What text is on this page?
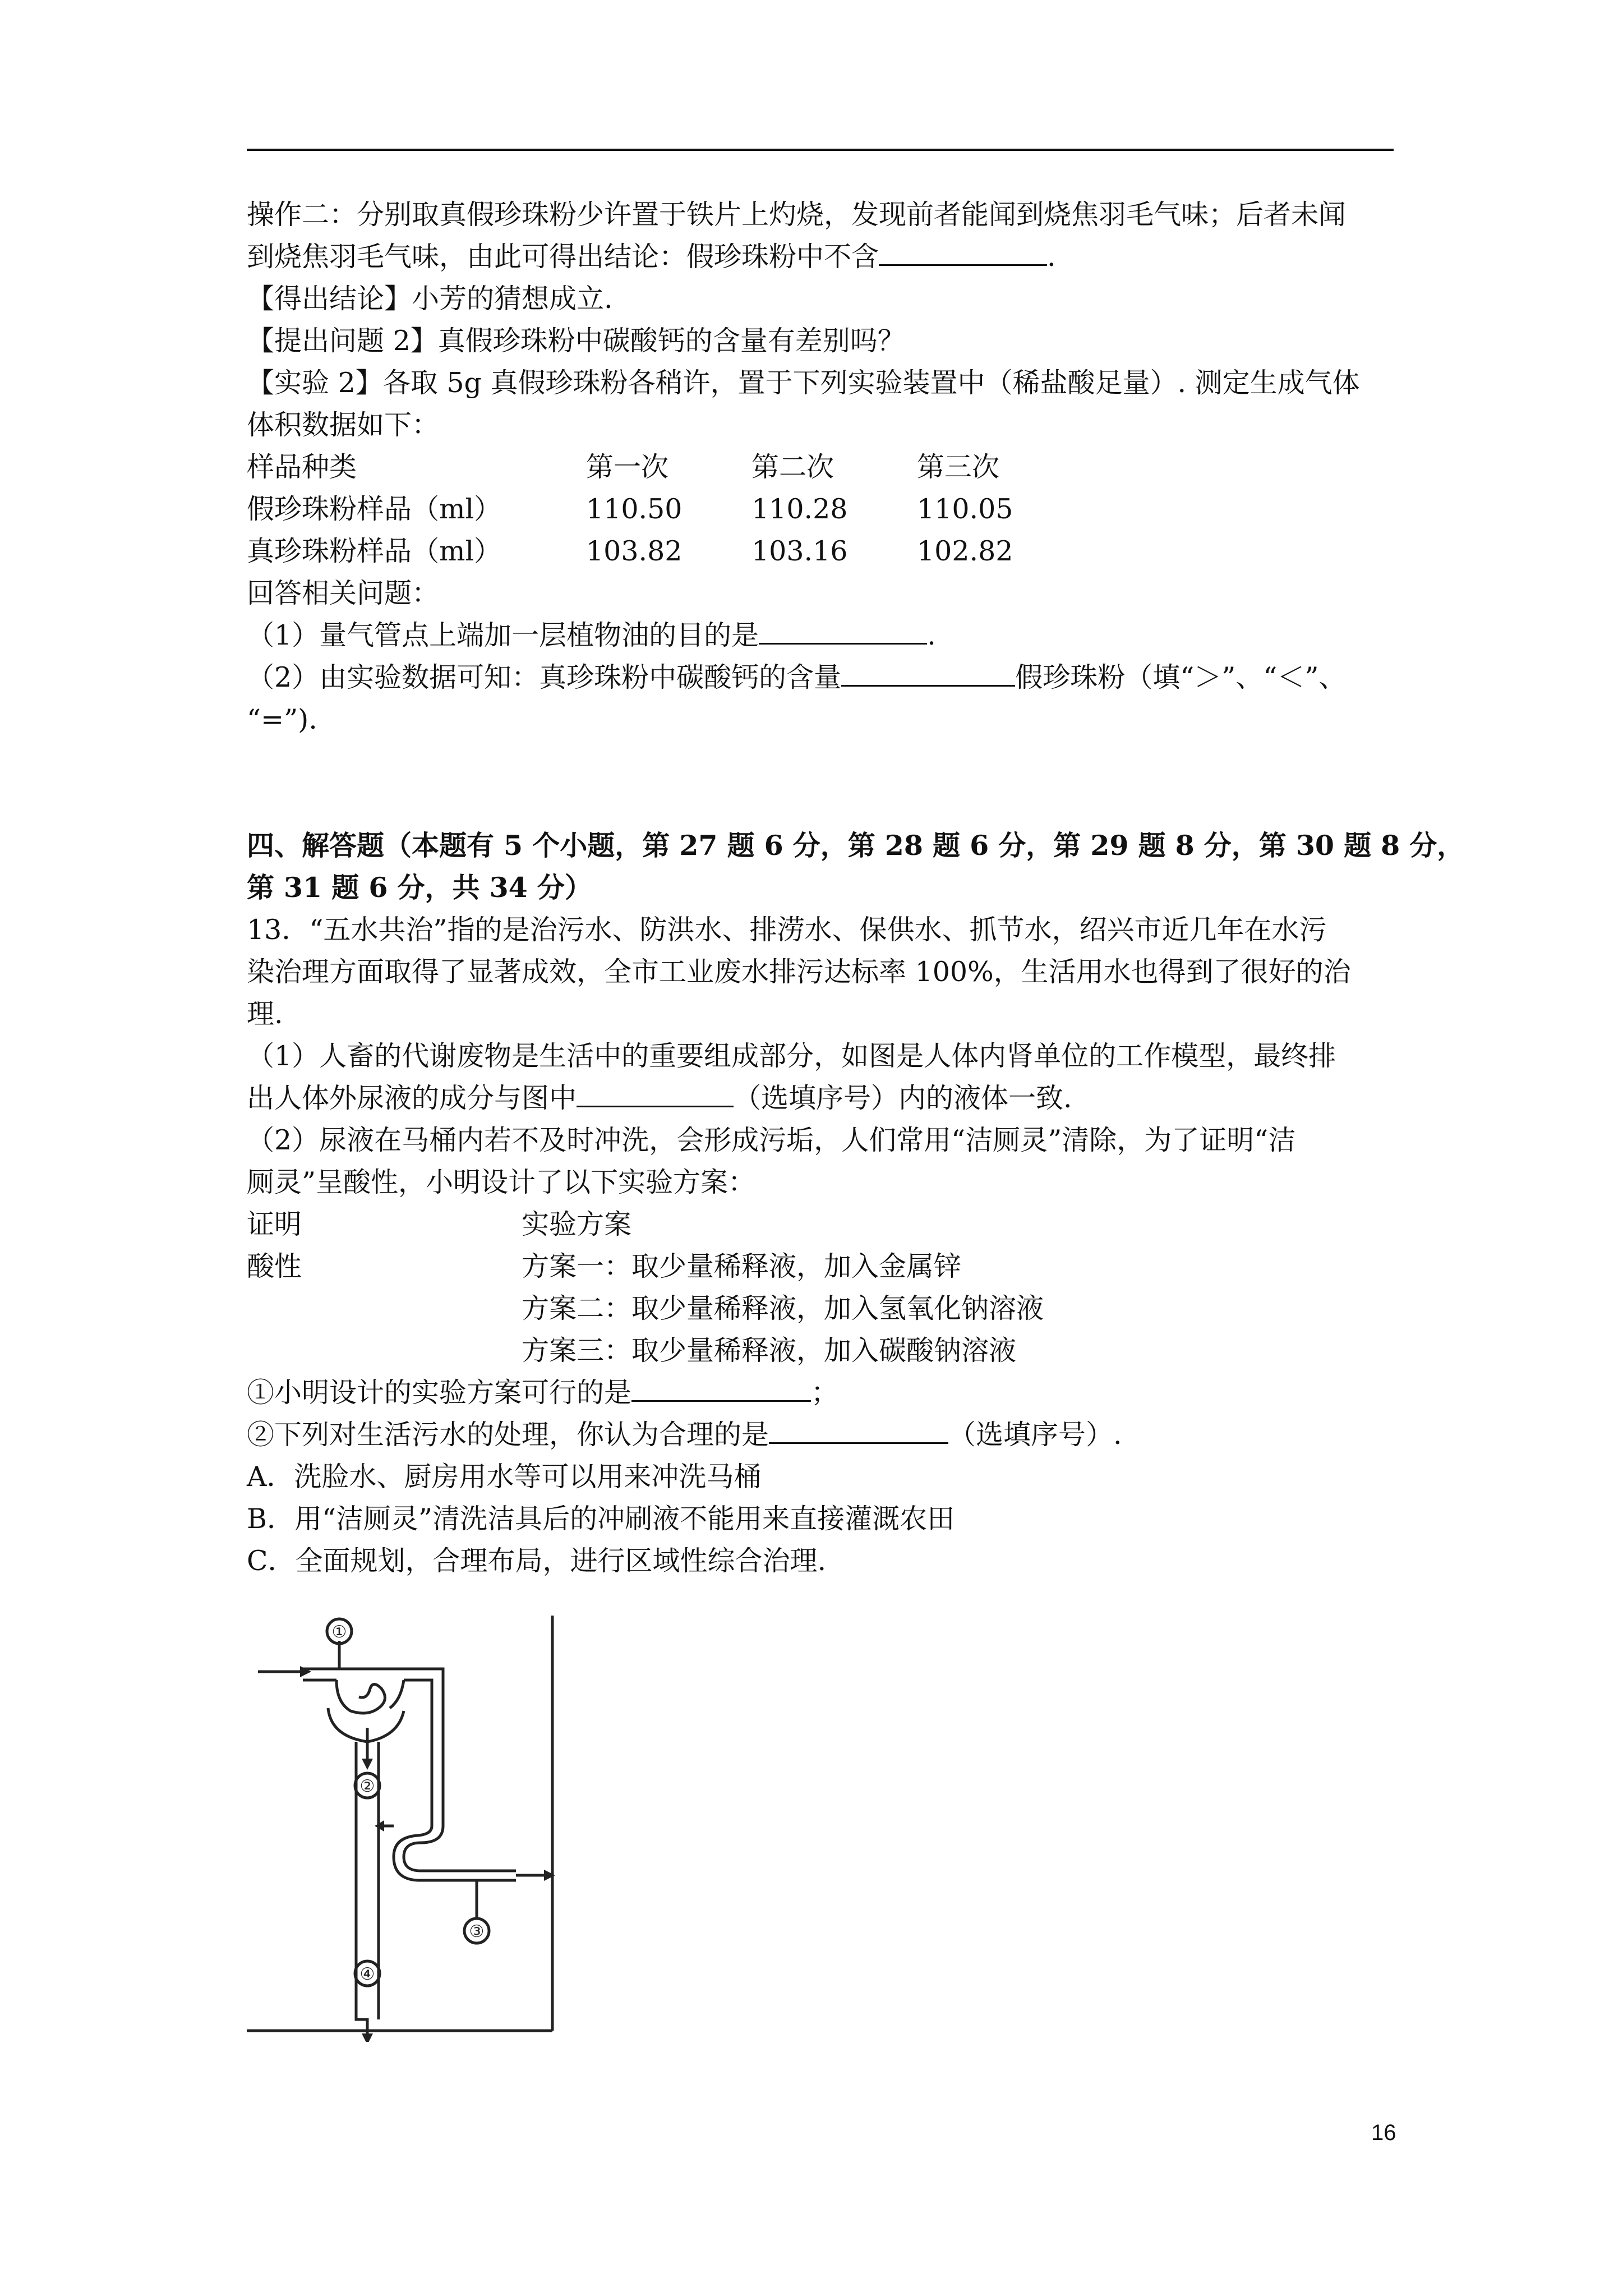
操作二：分别取真假珍珠粉少许置于铁片上灼烧，发现前者能闻到烧焦羽毛气味；后者未闻
到烧焦羽毛气味，由此可得出结论：假珍珠粉中不含	.
【得出结论】小芳的猜想成立.
【提出问题 2】真假珍珠粉中碳酸钙的含量有差别吗？
【实验 2】各取 5g 真假珍珠粉各稍许，置于下列实验装置中（稀盐酸足量）. 测定生成气体
体积数据如下：
样品种类	第一次	第二次	第三次
假珍珠粉样品（ml）	110.50	110.28	110.05
真珍珠粉样品（ml）	103.82	103.16	102.82
回答相关问题：
（1）量气管点上端加一层植物油的目的是	.
（2）由实验数据可知：真珍珠粉中碳酸钙的含量	假珍珠粉（填“＞”、“＜”、
“=”).
四、解答题（本题有 5 个小题，第 27 题 6 分，第 28 题 6 分，第 29 题 8 分，第 30 题 8 分，
第 31 题 6 分，共 34 分）
13．“五水共治”指的是治污水、防洪水、排涝水、保供水、抓节水，绍兴市近几年在水污
染治理方面取得了显著成效，全市工业废水排污达标率 100%，生活用水也得到了很好的治
理.
（1）人畜的代谢废物是生活中的重要组成部分，如图是人体内肾单位的工作模型，最终排
出人体外尿液的成分与图中	（选填序号）内的液体一致.
（2）尿液在马桶内若不及时冲洗，会形成污垢，人们常用“洁厕灵”清除，为了证明“洁
厕灵”呈酸性，小明设计了以下实验方案：
证明	实验方案
酸性	方案一：取少量稀释液，加入金属锌
方案二：取少量稀释液，加入氢氧化钠溶液
方案三：取少量稀释液，加入碳酸钠溶液
①小明设计的实验方案可行的是	；
②下列对生活污水的处理，你认为合理的是	（选填序号）.
A．洗脸水、厨房用水等可以用来冲洗马桶
B．用“洁厕灵”清洗洁具后的冲刷液不能用来直接灌溉农田
C．全面规划，合理布局，进行区域性综合治理.
①
②
③
④
16
